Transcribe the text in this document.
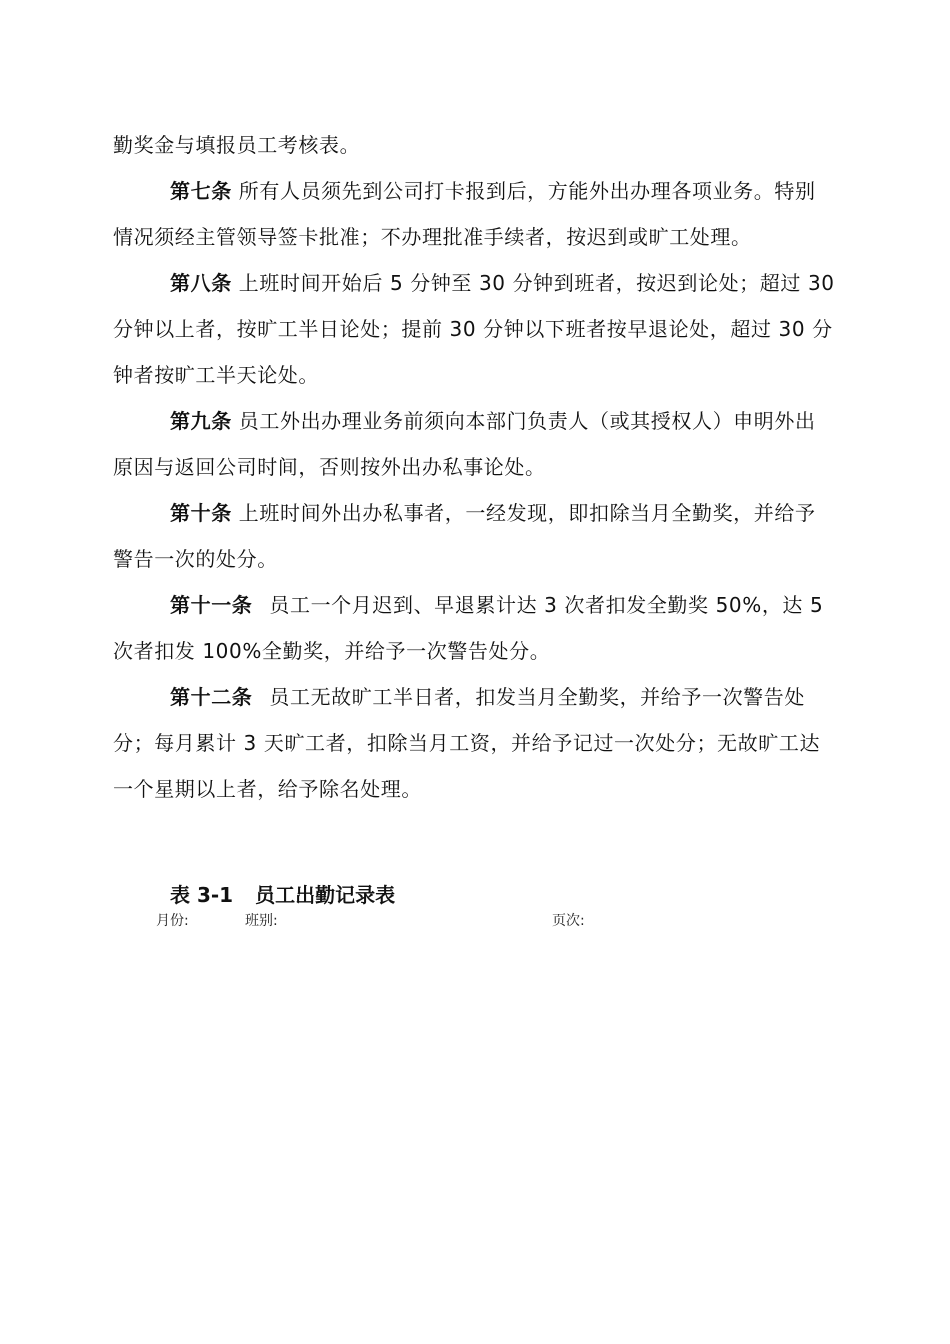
勤奖金与填报员工考核表。

第七条 所有人员须先到公司打卡报到后，方能外出办理各项业务。特别情况须经主管领导签卡批准；不办理批准手续者，按迟到或旷工处理。

第八条 上班时间开始后 5 分钟至 30 分钟到班者，按迟到论处；超过 30 分钟以上者，按旷工半日论处；提前 30 分钟以下班者按早退论处，超过 30 分钟者按旷工半天论处。

第九条 员工外出办理业务前须向本部门负责人（或其授权人）申明外出原因与返回公司时间，否则按外出办私事论处。

第十条 上班时间外出办私事者，一经发现，即扣除当月全勤奖，并给予警告一次的处分。

第十一条 员工一个月迟到、早退累计达 3 次者扣发全勤奖 50%，达 5 次者扣发 100%全勤奖，并给予一次警告处分。

第十二条 员工无故旷工半日者，扣发当月全勤奖，并给予一次警告处分；每月累计 3 天旷工者，扣除当月工资，并给予记过一次处分；无故旷工达一个星期以上者，给予除名处理。

表 3-1 员工出勤记录表
月份:	班别:	页次:
